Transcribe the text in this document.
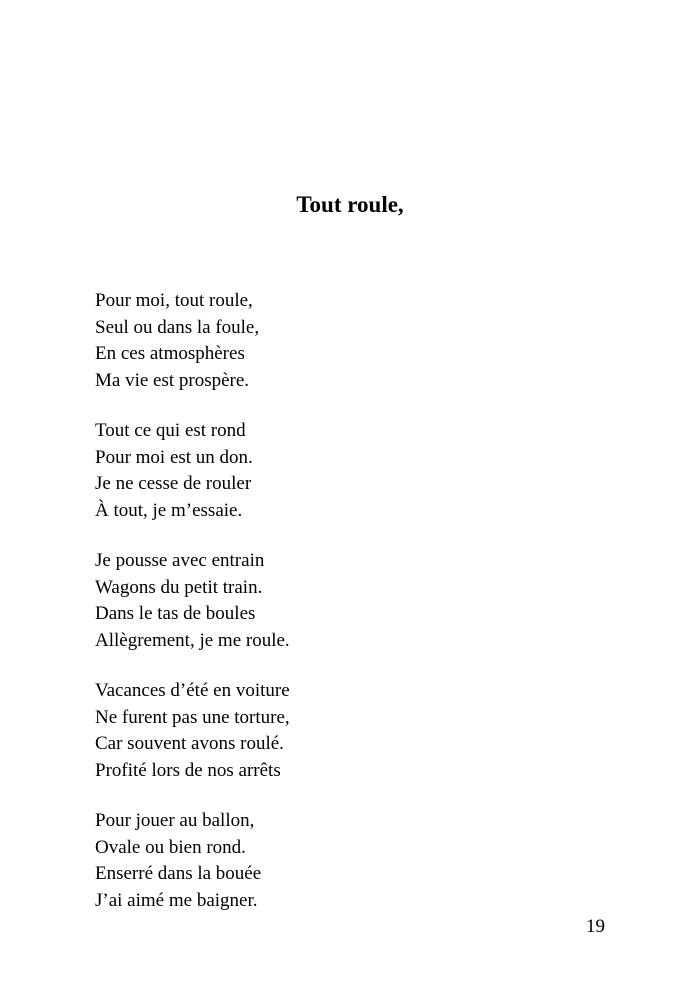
Tout roule,
Pour moi, tout roule,
Seul ou dans la foule,
En ces atmosphères
Ma vie est prospère.
Tout ce qui est rond
Pour moi est un don.
Je ne cesse de rouler
À tout, je m’essaie.
Je pousse avec entrain
Wagons du petit train.
Dans le tas de boules
Allègrement, je me roule.
Vacances d’été en voiture
Ne furent pas une torture,
Car souvent avons roulé.
Profité lors de nos arrêts
Pour jouer au ballon,
Ovale ou bien rond.
Enserré dans la bouée
J’ai aimé me baigner.
19
